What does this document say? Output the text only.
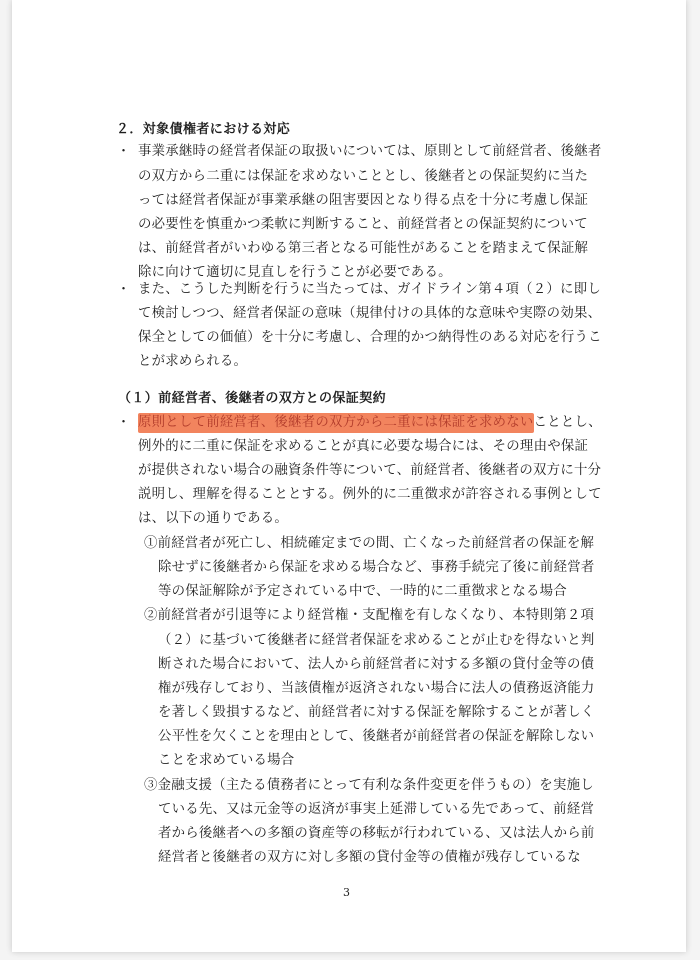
２．対象債権者における対応
・ 事業承継時の経営者保証の取扱いについては、原則として前経営者、後継者
の双方から二重には保証を求めないこととし、後継者との保証契約に当た
っては経営者保証が事業承継の阻害要因となり得る点を十分に考慮し保証
の必要性を慎重かつ柔軟に判断すること、前経営者との保証契約について
は、前経営者がいわゆる第三者となる可能性があることを踏まえて保証解
除に向けて適切に見直しを行うことが必要である。
・ また、こうした判断を行うに当たっては、ガイドライン第４項（２）に即し
て検討しつつ、経営者保証の意味（規律付けの具体的な意味や実際の効果、
保全としての価値）を十分に考慮し、合理的かつ納得性のある対応を行うこ
とが求められる。
（１）前経営者、後継者の双方との保証契約
・ 原則として前経営者、後継者の双方から二重には保証を求めないこととし、
例外的に二重に保証を求めることが真に必要な場合には、その理由や保証
が提供されない場合の融資条件等について、前経営者、後継者の双方に十分
説明し、理解を得ることとする。例外的に二重徴求が許容される事例として
は、以下の通りである。
①前経営者が死亡し、相続確定までの間、亡くなった前経営者の保証を解
除せずに後継者から保証を求める場合など、事務手続完了後に前経営者
等の保証解除が予定されている中で、一時的に二重徴求となる場合
②前経営者が引退等により経営権・支配権を有しなくなり、本特則第２項
（２）に基づいて後継者に経営者保証を求めることが止むを得ないと判
断された場合において、法人から前経営者に対する多額の貸付金等の債
権が残存しており、当該債権が返済されない場合に法人の債務返済能力
を著しく毀損するなど、前経営者に対する保証を解除することが著しく
公平性を欠くことを理由として、後継者が前経営者の保証を解除しない
ことを求めている場合
③金融支援（主たる債務者にとって有利な条件変更を伴うもの）を実施し
ている先、又は元金等の返済が事実上延滞している先であって、前経営
者から後継者への多額の資産等の移転が行われている、又は法人から前
経営者と後継者の双方に対し多額の貸付金等の債権が残存しているな
3
